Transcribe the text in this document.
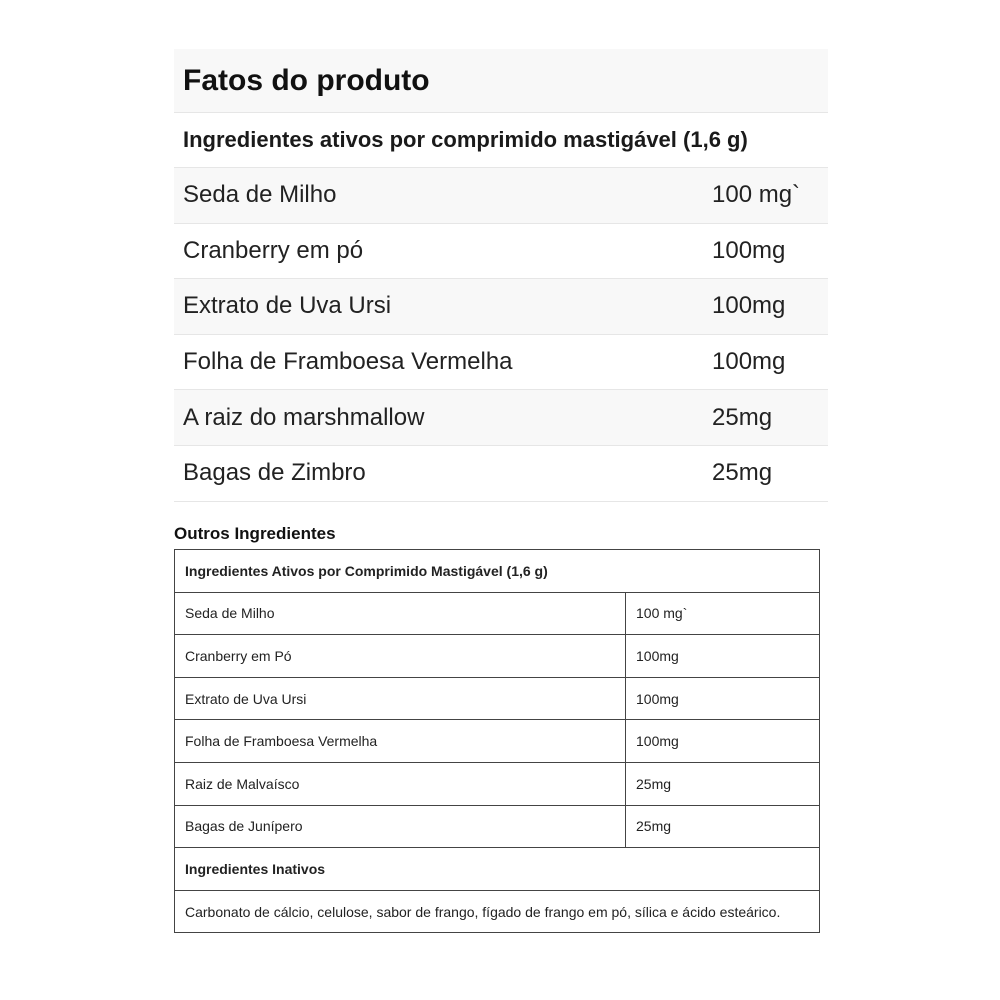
Fatos do produto
Ingredientes ativos por comprimido mastigável (1,6 g)
Seda de Milho	100 mg`
Cranberry em pó	100mg
Extrato de Uva Ursi	100mg
Folha de Framboesa Vermelha	100mg
A raiz do marshmallow	25mg
Bagas de Zimbro	25mg
Outros Ingredientes
Ingredientes Ativos por Comprimido Mastigável (1,6 g)	
Seda de Milho	100 mg`
Cranberry em Pó	100mg
Extrato de Uva Ursi	100mg
Folha de Framboesa Vermelha	100mg
Raiz de Malvaísco	25mg
Bagas de Junípero	25mg
Ingredientes Inativos	
Carbonato de cálcio, celulose, sabor de frango, fígado de frango em pó, sílica e ácido esteárico.	
